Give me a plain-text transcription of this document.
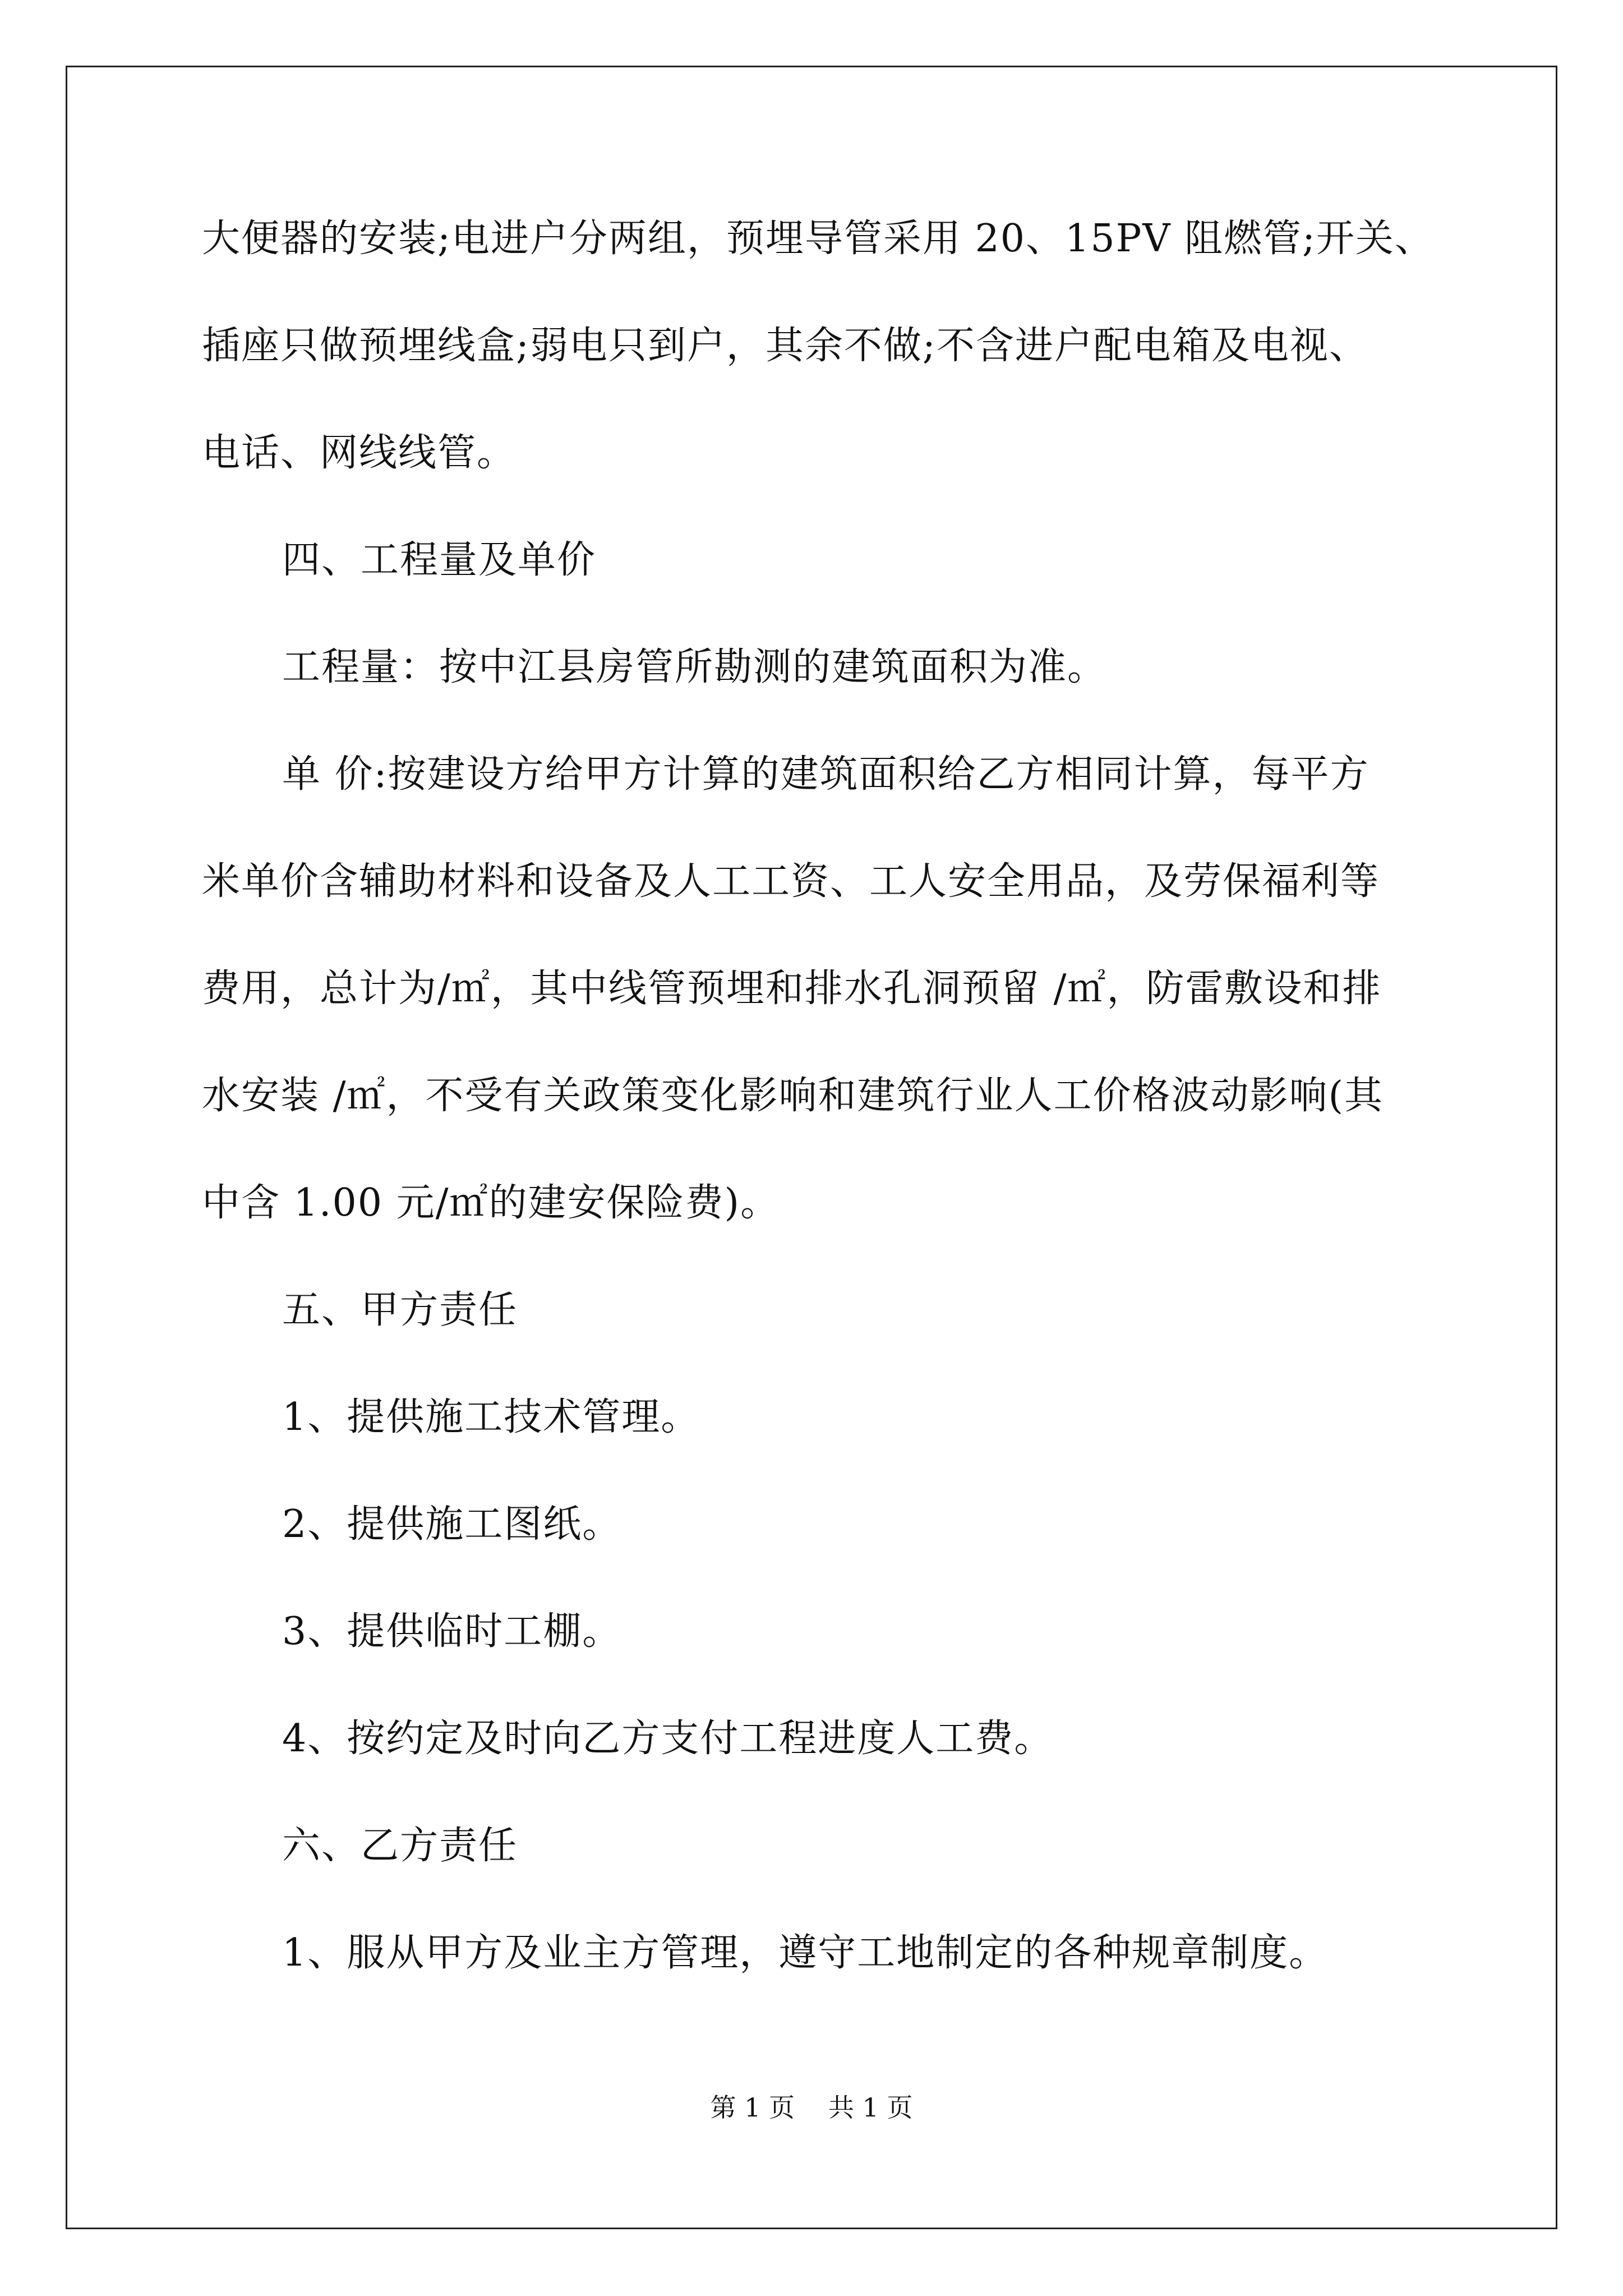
大便器的安装;电进户分两组，预埋导管采用 20、15PV 阻燃管;开关、
插座只做预埋线盒;弱电只到户，其余不做;不含进户配电箱及电视、
电话、网线线管。
四、工程量及单价
工程量：按中江县房管所勘测的建筑面积为准。
单 价:按建设方给甲方计算的建筑面积给乙方相同计算，每平方
米单价含辅助材料和设备及人工工资、工人安全用品，及劳保福利等
费用，总计为/㎡，其中线管预埋和排水孔洞预留 /㎡，防雷敷设和排
水安装 /㎡，不受有关政策变化影响和建筑行业人工价格波动影响(其
中含 1.00 元/㎡的建安保险费)。
五、甲方责任
1、提供施工技术管理。
2、提供施工图纸。
3、提供临时工棚。
4、按约定及时向乙方支付工程进度人工费。
六、乙方责任
1、服从甲方及业主方管理，遵守工地制定的各种规章制度。
第 1 页 共 1 页
